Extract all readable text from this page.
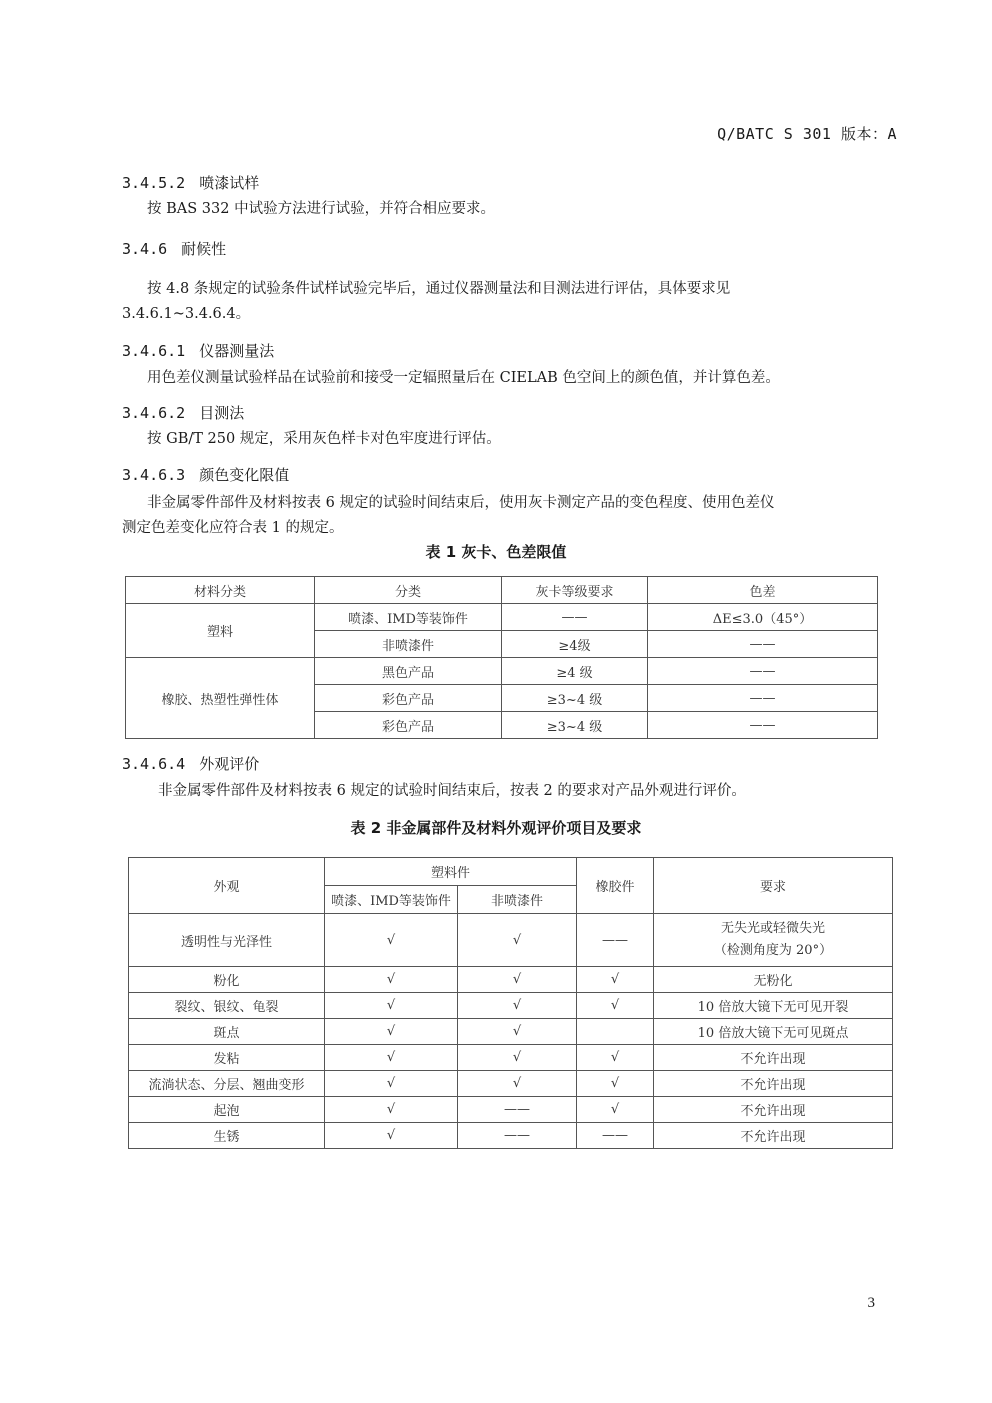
Q/BATC S 301 版本：A
3.4.5.2 喷漆试样
按 BAS 332 中试验方法进行试验，并符合相应要求。
3.4.6 耐候性
按 4.8 条规定的试验条件试样试验完毕后，通过仪器测量法和目测法进行评估，具体要求见
3.4.6.1~3.4.6.4。
3.4.6.1 仪器测量法
用色差仪测量试验样品在试验前和接受一定辐照量后在 CIELAB 色空间上的颜色值，并计算色差。
3.4.6.2 目测法
按 GB/T 250 规定，采用灰色样卡对色牢度进行评估。
3.4.6.3 颜色变化限值
非金属零件部件及材料按表 6 规定的试验时间结束后，使用灰卡测定产品的变色程度、使用色差仪
测定色差变化应符合表 1 的规定。
表 1 灰卡、色差限值
材料分类	分类	灰卡等级要求	色差
塑料	喷漆、IMD等装饰件	——	ΔE≤3.0（45°）
	非喷漆件	≥4级	——
橡胶、热塑性弹性体	黑色产品	≥4 级	——
	彩色产品	≥3~4 级	——
	彩色产品	≥3~4 级	——
3.4.6.4 外观评价
非金属零件部件及材料按表 6 规定的试验时间结束后，按表 2 的要求对产品外观进行评价。
表 2 非金属部件及材料外观评价项目及要求
外观	塑料件		橡胶件	要求
	喷漆、IMD等装饰件	非喷漆件		
透明性与光泽性	√	√	——	无失光或轻微失光
（检测角度为 20°）

粉化	√	√	√	无粉化
裂纹、银纹、龟裂	√	√	√	10 倍放大镜下无可见开裂
斑点	√	√		10 倍放大镜下无可见斑点
发粘	√	√	√	不允许出现
流淌状态、分层、翘曲变形	√	√	√	不允许出现
起泡	√	——	√	不允许出现
生锈	√	——	——	不允许出现
3
